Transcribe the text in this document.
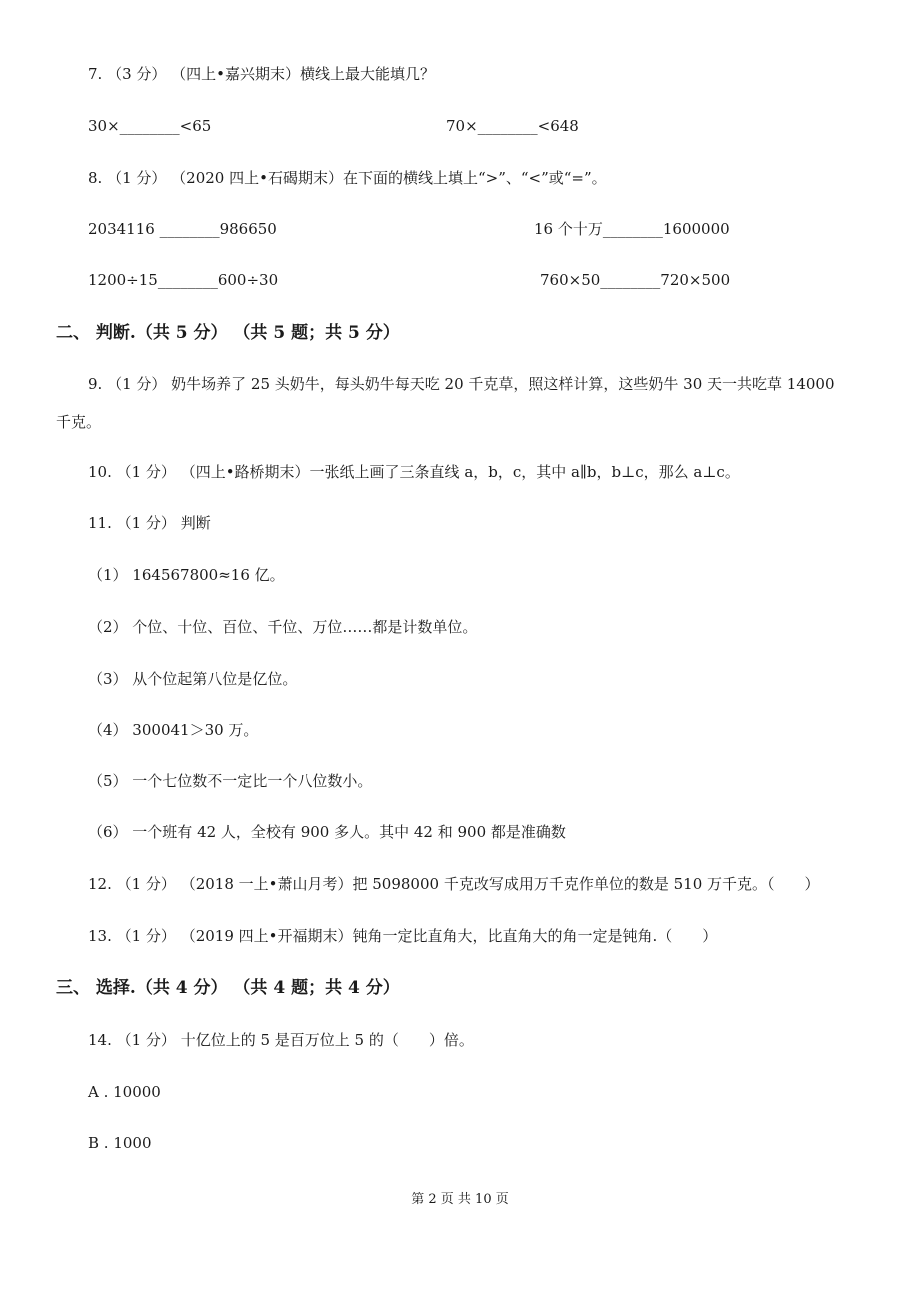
7. （3 分） （四上•嘉兴期末）横线上最大能填几？
30×________<65	70×________<648
8. （1 分） （2020 四上•石碣期末）在下面的横线上填上“>”、“<”或“=”。
2034116 ________986650	16 个十万________1600000
1200÷15________600÷30	760×50________720×500
二、 判断.（共 5 分） （共 5 题；共 5 分）
9. （1 分） 奶牛场养了 25 头奶牛，每头奶牛每天吃 20 千克草，照这样计算，这些奶牛 30 天一共吃草 14000
千克。
10. （1 分） （四上•路桥期末）一张纸上画了三条直线 a，b，c，其中 a∥b，b⊥c，那么 a⊥c。
11. （1 分） 判断
（1） 164567800≈16 亿。
（2） 个位、十位、百位、千位、万位……都是计数单位。
（3） 从个位起第八位是亿位。
（4） 300041＞30 万。
（5） 一个七位数不一定比一个八位数小。
（6） 一个班有 42 人，全校有 900 多人。其中 42 和 900 都是准确数
12. （1 分） （2018 一上•萧山月考）把 5098000 千克改写成用万千克作单位的数是 510 万千克。（　　）
13. （1 分） （2019 四上•开福期末）钝角一定比直角大，比直角大的角一定是钝角.（　　）
三、 选择.（共 4 分） （共 4 题；共 4 分）
14. （1 分） 十亿位上的 5 是百万位上 5 的（　　）倍。
A . 10000
B . 1000
第 2 页 共 10 页
